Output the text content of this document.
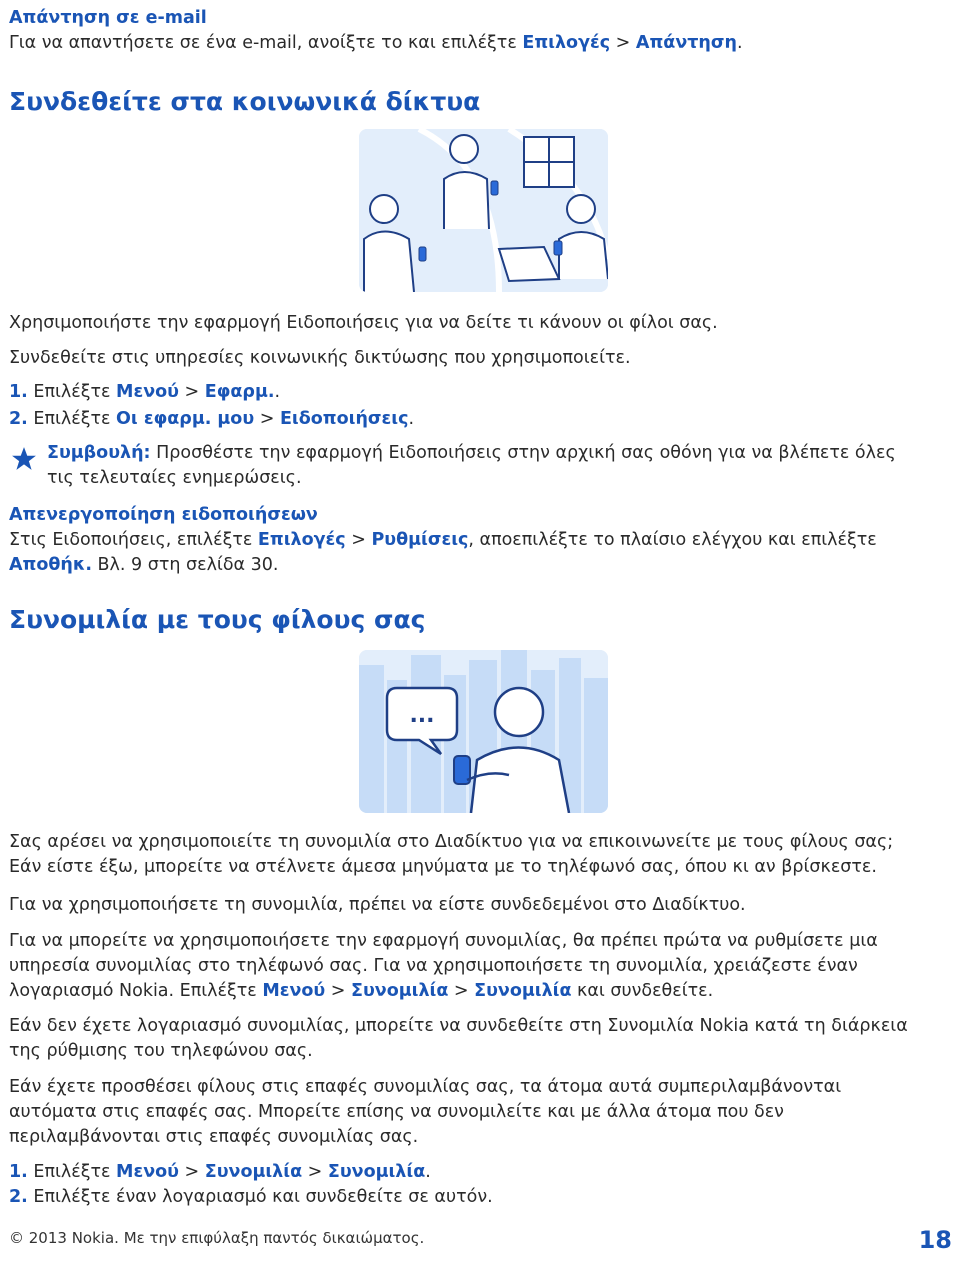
Απάντηση σε e-mail

Για να απαντήσετε σε ένα e-mail, ανοίξτε το και επιλέξτε Επιλογές > Απάντηση.

Συνδεθείτε στα κοινωνικά δίκτυα

Χρησιμοποιήστε την εφαρμογή Ειδοποιήσεις για να δείτε τι κάνουν οι φίλοι σας.

Συνδεθείτε στις υπηρεσίες κοινωνικής δικτύωσης που χρησιμοποιείτε.

1. Επιλέξτε Μενού > Εφαρμ..

2. Επιλέξτε Οι εφαρμ. μου > Ειδοποιήσεις.

Συμβουλή: Προσθέστε την εφαρμογή Ειδοποιήσεις στην αρχική σας οθόνη για να βλέπετε όλες

τις τελευταίες ενημερώσεις.

Απενεργοποίηση ειδοποιήσεων

Στις Ειδοποιήσεις, επιλέξτε Επιλογές > Ρυθμίσεις, αποεπιλέξτε το πλαίσιο ελέγχου και επιλέξτε

Αποθήκ. Βλ. 9 στη σελίδα 30.

Συνομιλία με τους φίλους σας
...

Σας αρέσει να χρησιμοποιείτε τη συνομιλία στο Διαδίκτυο για να επικοινωνείτε με τους φίλους σας;

Εάν είστε έξω, μπορείτε να στέλνετε άμεσα μηνύματα με το τηλέφωνό σας, όπου κι αν βρίσκεστε.

Για να χρησιμοποιήσετε τη συνομιλία, πρέπει να είστε συνδεδεμένοι στο Διαδίκτυο.

Για να μπορείτε να χρησιμοποιήσετε την εφαρμογή συνομιλίας, θα πρέπει πρώτα να ρυθμίσετε μια

υπηρεσία συνομιλίας στο τηλέφωνό σας. Για να χρησιμοποιήσετε τη συνομιλία, χρειάζεστε έναν

λογαριασμό Nokia. Επιλέξτε Μενού > Συνομιλία > Συνομιλία και συνδεθείτε.

Εάν δεν έχετε λογαριασμό συνομιλίας, μπορείτε να συνδεθείτε στη Συνομιλία Nokia κατά τη διάρκεια

της ρύθμισης του τηλεφώνου σας.

Εάν έχετε προσθέσει φίλους στις επαφές συνομιλίας σας, τα άτομα αυτά συμπεριλαμβάνονται

αυτόματα στις επαφές σας. Μπορείτε επίσης να συνομιλείτε και με άλλα άτομα που δεν

περιλαμβάνονται στις επαφές συνομιλίας σας.

1. Επιλέξτε Μενού > Συνομιλία > Συνομιλία.

2. Επιλέξτε έναν λογαριασμό και συνδεθείτε σε αυτόν.

© 2013 Nokia. Με την επιφύλαξη παντός δικαιώματος.	18
